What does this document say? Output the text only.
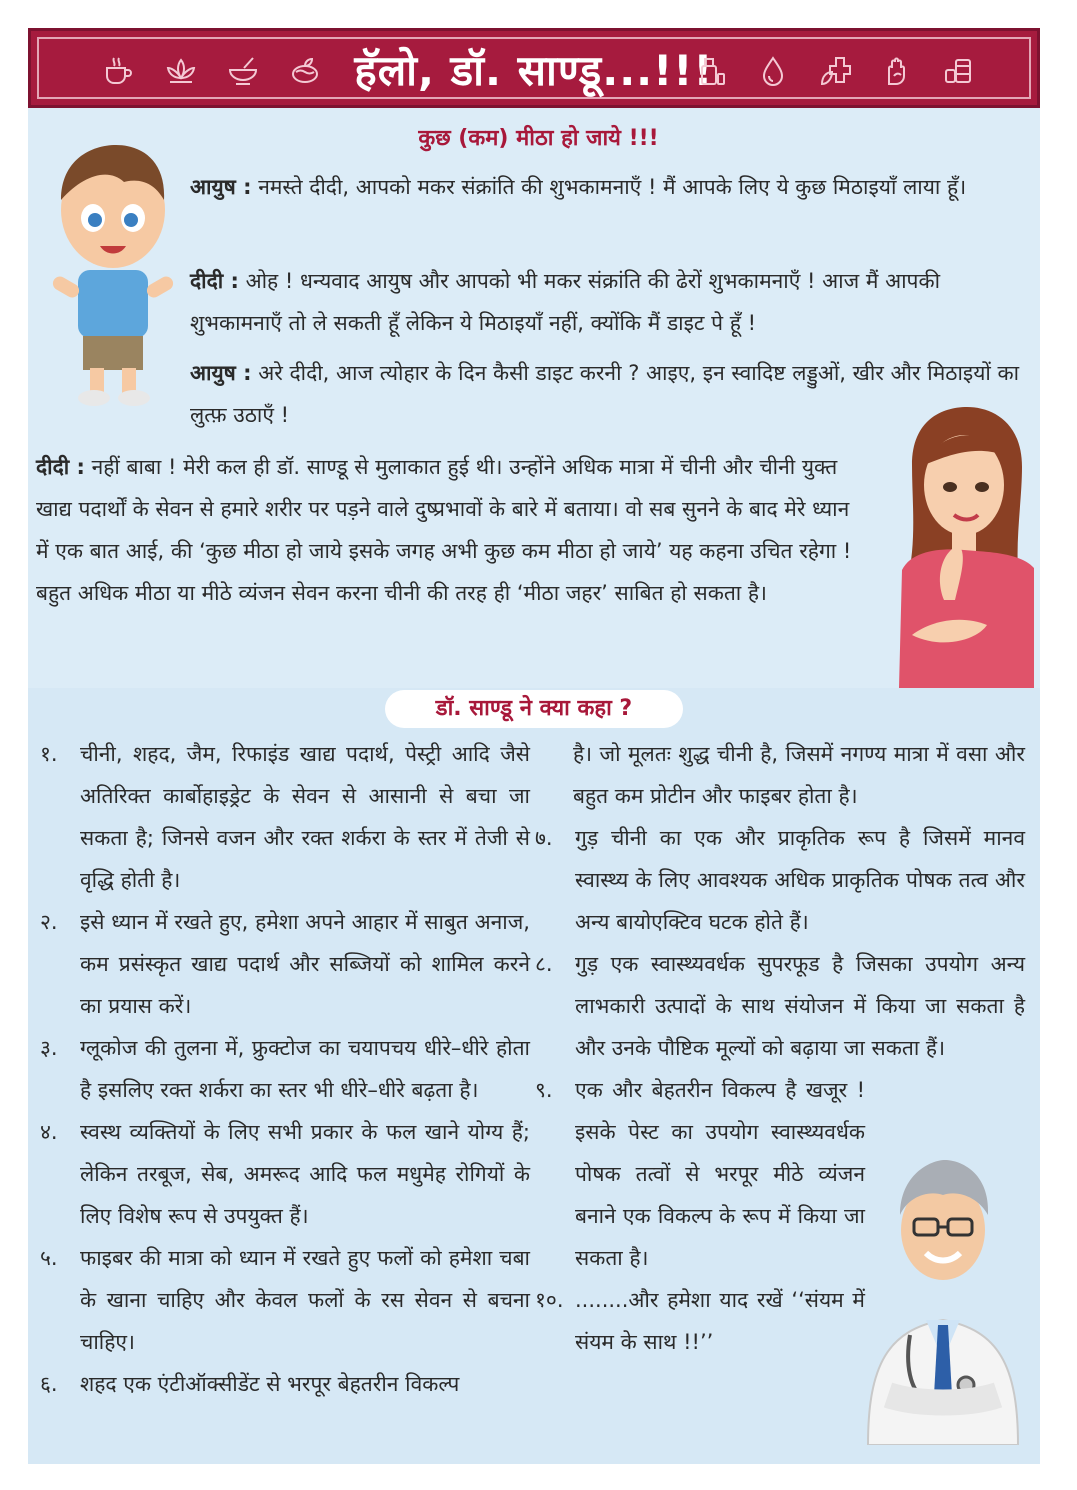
हॅलो, डॉ. साण्डू...!!!
कुछ (कम) मीठा हो जाये !!!
आयुष : नमस्ते दीदी, आपको मकर संक्रांति की शुभकामनाएँ ! मैं आपके लिए ये कुछ मिठाइयाँ लाया हूँ।
दीदी : ओह ! धन्यवाद आयुष और आपको भी मकर संक्रांति की ढेरों शुभकामनाएँ ! आज मैं आपकी शुभकामनाएँ तो ले सकती हूँ लेकिन ये मिठाइयाँ नहीं, क्योंकि मैं डाइट पे हूँ !
आयुष : अरे दीदी, आज त्योहार के दिन कैसी डाइट करनी ? आइए, इन स्वादिष्ट लड्डुओं, खीर और मिठाइयों का लुत्फ़ उठाएँ !
दीदी : नहीं बाबा ! मेरी कल ही डॉ. साण्डू से मुलाकात हुई थी। उन्होंने अधिक मात्रा में चीनी और चीनी युक्त खाद्य पदार्थों के सेवन से हमारे शरीर पर पड़ने वाले दुष्प्रभावों के बारे में बताया। वो सब सुनने के बाद मेरे ध्यान में एक बात आई, की ‘कुछ मीठा हो जाये इसके जगह अभी कुछ कम मीठा हो जाये’ यह कहना उचित रहेगा ! बहुत अधिक मीठा या मीठे व्यंजन सेवन करना चीनी की तरह ही ‘मीठा जहर’ साबित हो सकता है।
डॉ. साण्डू ने क्या कहा ?
१. चीनी, शहद, जैम, रिफाइंड खाद्य पदार्थ, पेस्ट्री आदि जैसे अतिरिक्त कार्बोहाइड्रेट के सेवन से आसानी से बचा जा सकता है; जिनसे वजन और रक्त शर्करा के स्तर में तेजी से वृद्धि होती है।
२. इसे ध्यान में रखते हुए, हमेशा अपने आहार में साबुत अनाज, कम प्रसंस्कृत खाद्य पदार्थ और सब्जियों को शामिल करने का प्रयास करें।
३. ग्लूकोज की तुलना में, फ्रुक्टोज का चयापचय धीरे–धीरे होता है इसलिए रक्त शर्करा का स्तर भी धीरे–धीरे बढ़ता है।
४. स्वस्थ व्यक्तियों के लिए सभी प्रकार के फल खाने योग्य हैं; लेकिन तरबूज, सेब, अमरूद आदि फल मधुमेह रोगियों के लिए विशेष रूप से उपयुक्त हैं।
५. फाइबर की मात्रा को ध्यान में रखते हुए फलों को हमेशा चबा के खाना चाहिए और केवल फलों के रस सेवन से बचना चाहिए।
६. शहद एक एंटीऑक्सीडेंट से भरपूर बेहतरीन विकल्प
है। जो मूलतः शुद्ध चीनी है, जिसमें नगण्य मात्रा में वसा और बहुत कम प्रोटीन और फाइबर होता है।
७. गुड़ चीनी का एक और प्राकृतिक रूप है जिसमें मानव स्वास्थ्य के लिए आवश्यक अधिक प्राकृतिक पोषक तत्व और अन्य बायोएक्टिव घटक होते हैं।
८. गुड़ एक स्वास्थ्यवर्धक सुपरफूड है जिसका उपयोग अन्य लाभकारी उत्पादों के साथ संयोजन में किया जा सकता है और उनके पौष्टिक मूल्यों को बढ़ाया जा सकता हैं।
९. एक और बेहतरीन विकल्प है खजूर ! इसके पेस्ट का उपयोग स्वास्थ्यवर्धक पोषक तत्वों से भरपूर मीठे व्यंजन बनाने एक विकल्प के रूप में किया जा सकता है।
१०. ........और हमेशा याद रखें ‘‘संयम में संयम के साथ !!’’
